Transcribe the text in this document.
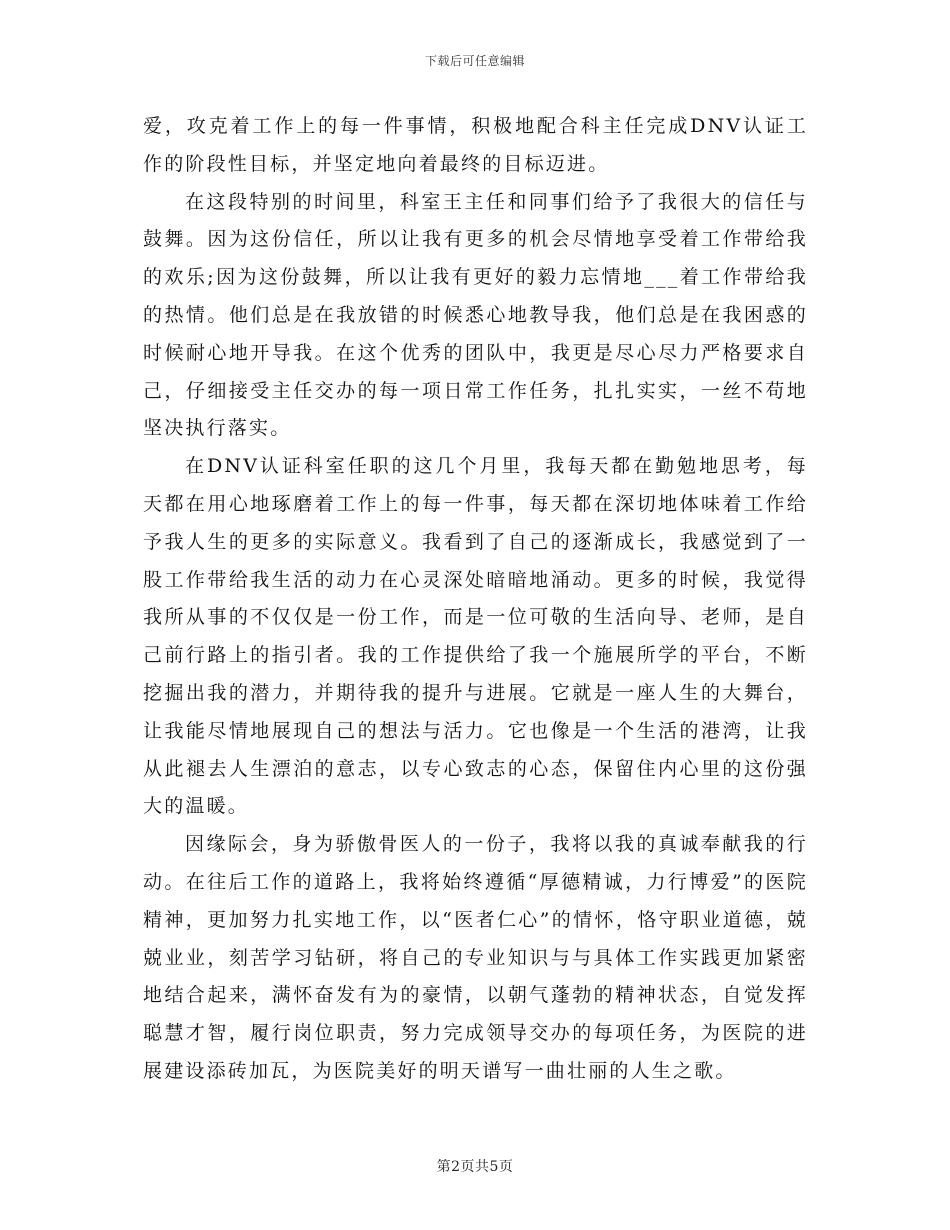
下载后可任意编辑

爱，攻克着工作上的每一件事情，积极地配合科主任完成DNV认证工作的阶段性目标，并坚定地向着最终的目标迈进。

在这段特别的时间里，科室王主任和同事们给予了我很大的信任与鼓舞。因为这份信任，所以让我有更多的机会尽情地享受着工作带给我的欢乐;因为这份鼓舞，所以让我有更好的毅力忘情地___着工作带给我的热情。他们总是在我放错的时候悉心地教导我，他们总是在我困惑的时候耐心地开导我。在这个优秀的团队中，我更是尽心尽力严格要求自己，仔细接受主任交办的每一项日常工作任务，扎扎实实，一丝不苟地坚决执行落实。

在DNV认证科室任职的这几个月里，我每天都在勤勉地思考，每天都在用心地琢磨着工作上的每一件事，每天都在深切地体味着工作给予我人生的更多的实际意义。我看到了自己的逐渐成长，我感觉到了一股工作带给我生活的动力在心灵深处暗暗地涌动。更多的时候，我觉得我所从事的不仅仅是一份工作，而是一位可敬的生活向导、老师，是自己前行路上的指引者。我的工作提供给了我一个施展所学的平台，不断挖掘出我的潜力，并期待我的提升与进展。它就是一座人生的大舞台，让我能尽情地展现自己的想法与活力。它也像是一个生活的港湾，让我从此褪去人生漂泊的意志，以专心致志的心态，保留住内心里的这份强大的温暖。

因缘际会，身为骄傲骨医人的一份子，我将以我的真诚奉献我的行动。在往后工作的道路上，我将始终遵循“厚德精诚，力行博爱”的医院精神，更加努力扎实地工作，以“医者仁心”的情怀，恪守职业道德，兢兢业业，刻苦学习钻研，将自己的专业知识与与具体工作实践更加紧密地结合起来，满怀奋发有为的豪情，以朝气蓬勃的精神状态，自觉发挥聪慧才智，履行岗位职责，努力完成领导交办的每项任务，为医院的进展建设添砖加瓦，为医院美好的明天谱写一曲壮丽的人生之歌。

第2页共5页
